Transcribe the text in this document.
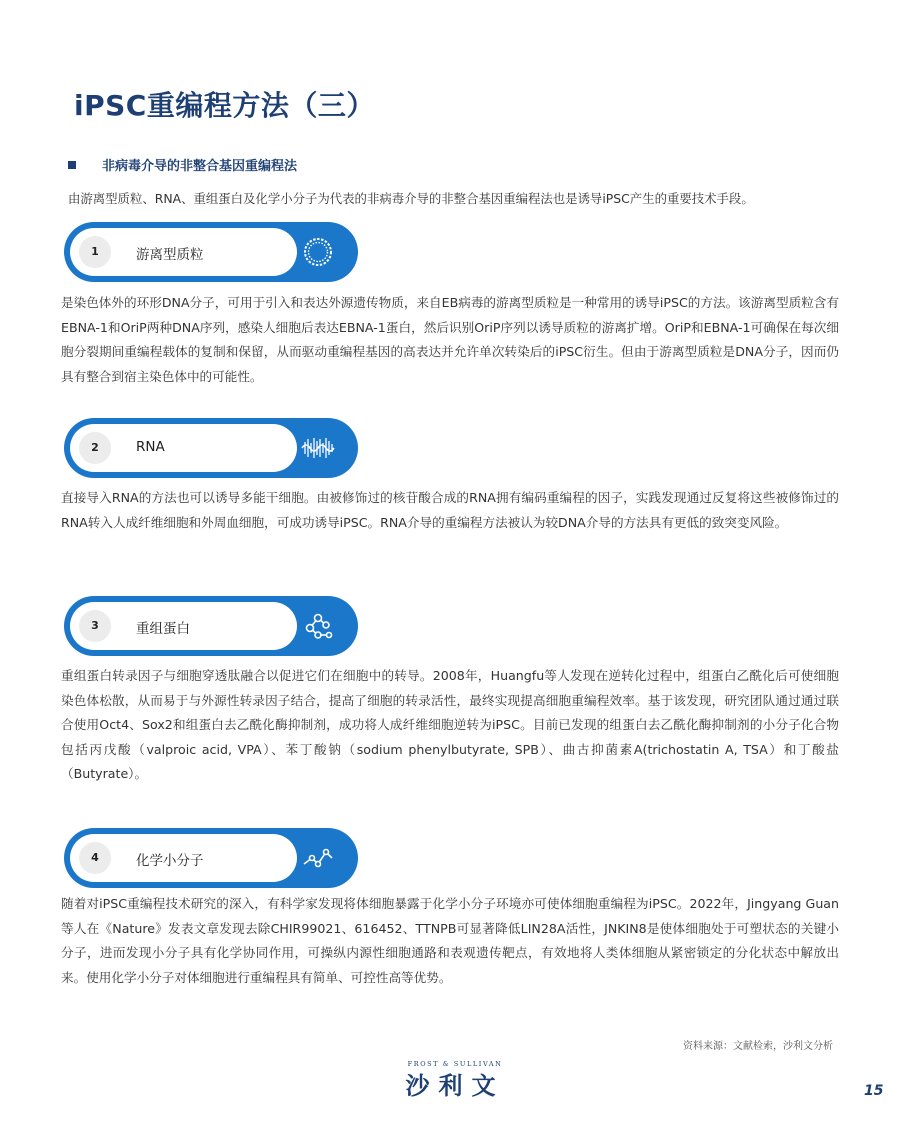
iPSC重编程方法（三）
非病毒介导的非整合基因重编程法
由游离型质粒、RNA、重组蛋白及化学小分子为代表的非病毒介导的非整合基因重编程法也是诱导iPSC产生的重要技术手段。
1	游离型质粒
是染色体外的环形DNA分子，可用于引入和表达外源遗传物质，来自EB病毒的游离型质粒是一种常用的诱导iPSC的方法。该游离型质粒含有EBNA-1和OriP两种DNA序列，感染人细胞后表达EBNA-1蛋白，然后识别OriP序列以诱导质粒的游离扩增。OriP和EBNA-1可确保在每次细胞分裂期间重编程载体的复制和保留，从而驱动重编程基因的高表达并允许单次转染后的iPSC衍生。但由于游离型质粒是DNA分子，因而仍具有整合到宿主染色体中的可能性。
2	RNA
直接导入RNA的方法也可以诱导多能干细胞。由被修饰过的核苷酸合成的RNA拥有编码重编程的因子，实践发现通过反复将这些被修饰过的RNA转入人成纤维细胞和外周血细胞，可成功诱导iPSC。RNA介导的重编程方法被认为较DNA介导的方法具有更低的致突变风险。
3	重组蛋白
重组蛋白转录因子与细胞穿透肽融合以促进它们在细胞中的转导。2008年，Huangfu等人发现在逆转化过程中，组蛋白乙酰化后可使细胞染色体松散，从而易于与外源性转录因子结合，提高了细胞的转录活性，最终实现提高细胞重编程效率。基于该发现，研究团队通过通过联合使用Oct4、Sox2和组蛋白去乙酰化酶抑制剂，成功将人成纤维细胞逆转为iPSC。目前已发现的组蛋白去乙酰化酶抑制剂的小分子化合物包括丙戊酸（valproic acid, VPA）、苯丁酸钠（sodium phenylbutyrate, SPB）、曲古抑菌素A(trichostatin A, TSA）和丁酸盐（Butyrate）。
4	化学小分子
随着对iPSC重编程技术研究的深入，有科学家发现将体细胞暴露于化学小分子环境亦可使体细胞重编程为iPSC。2022年，Jingyang Guan等人在《Nature》发表文章发现去除CHIR99021、616452、TTNPB可显著降低LIN28A活性，JNKIN8是使体细胞处于可塑状态的关键小分子，进而发现小分子具有化学协同作用，可操纵内源性细胞通路和表观遗传靶点，有效地将人类体细胞从紧密锁定的分化状态中解放出来。使用化学小分子对体细胞进行重编程具有简单、可控性高等优势。
资料来源：文献检索，沙利文分析
FROST & SULLIVAN
沙利文	15
